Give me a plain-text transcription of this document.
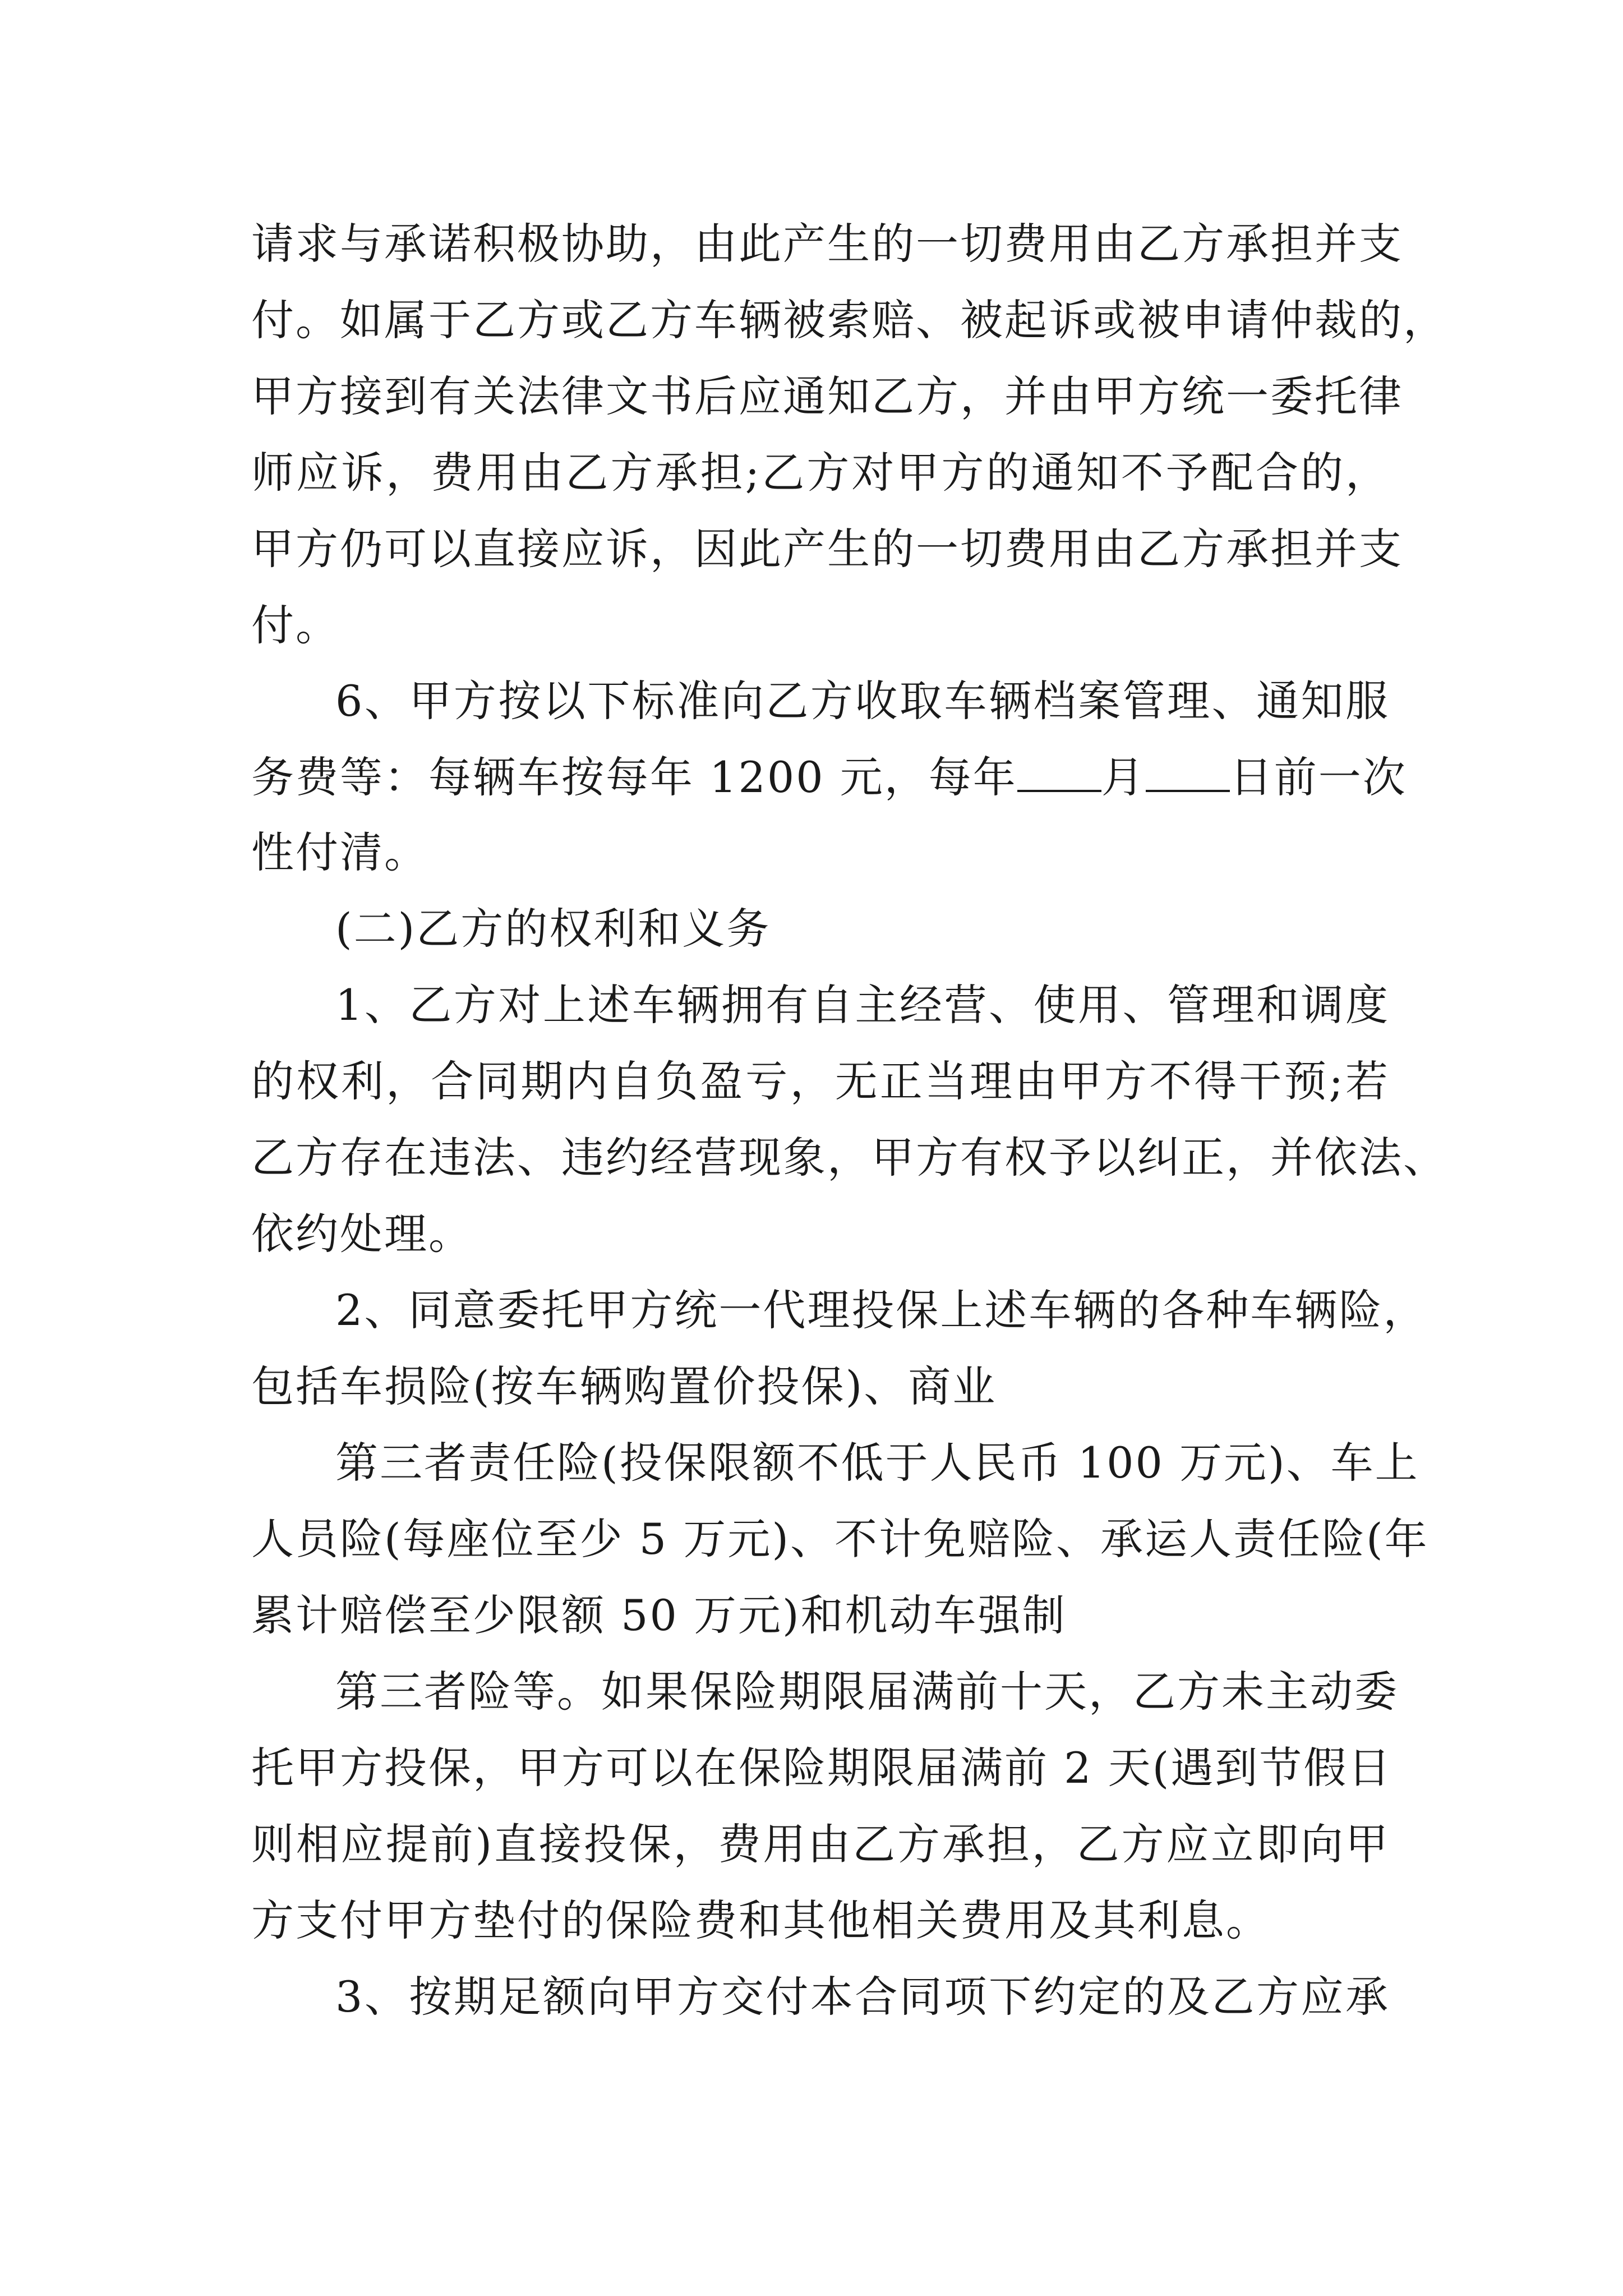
请求与承诺积极协助，由此产生的一切费用由乙方承担并支
付。如属于乙方或乙方车辆被索赔、被起诉或被申请仲裁的，
甲方接到有关法律文书后应通知乙方，并由甲方统一委托律
师应诉，费用由乙方承担;乙方对甲方的通知不予配合的，
甲方仍可以直接应诉，因此产生的一切费用由乙方承担并支
付。
6、甲方按以下标准向乙方收取车辆档案管理、通知服
务费等：每辆车按每年 1200 元，每年 月 日前一次
性付清。
(二)乙方的权利和义务
1、乙方对上述车辆拥有自主经营、使用、管理和调度
的权利，合同期内自负盈亏，无正当理由甲方不得干预;若
乙方存在违法、违约经营现象，甲方有权予以纠正，并依法、
依约处理。
2、同意委托甲方统一代理投保上述车辆的各种车辆险，
包括车损险(按车辆购置价投保)、商业
第三者责任险(投保限额不低于人民币 100 万元)、车上
人员险(每座位至少 5 万元)、不计免赔险、承运人责任险(年
累计赔偿至少限额 50 万元)和机动车强制
第三者险等。如果保险期限届满前十天，乙方未主动委
托甲方投保，甲方可以在保险期限届满前 2 天(遇到节假日
则相应提前)直接投保，费用由乙方承担，乙方应立即向甲
方支付甲方垫付的保险费和其他相关费用及其利息。
3、按期足额向甲方交付本合同项下约定的及乙方应承
